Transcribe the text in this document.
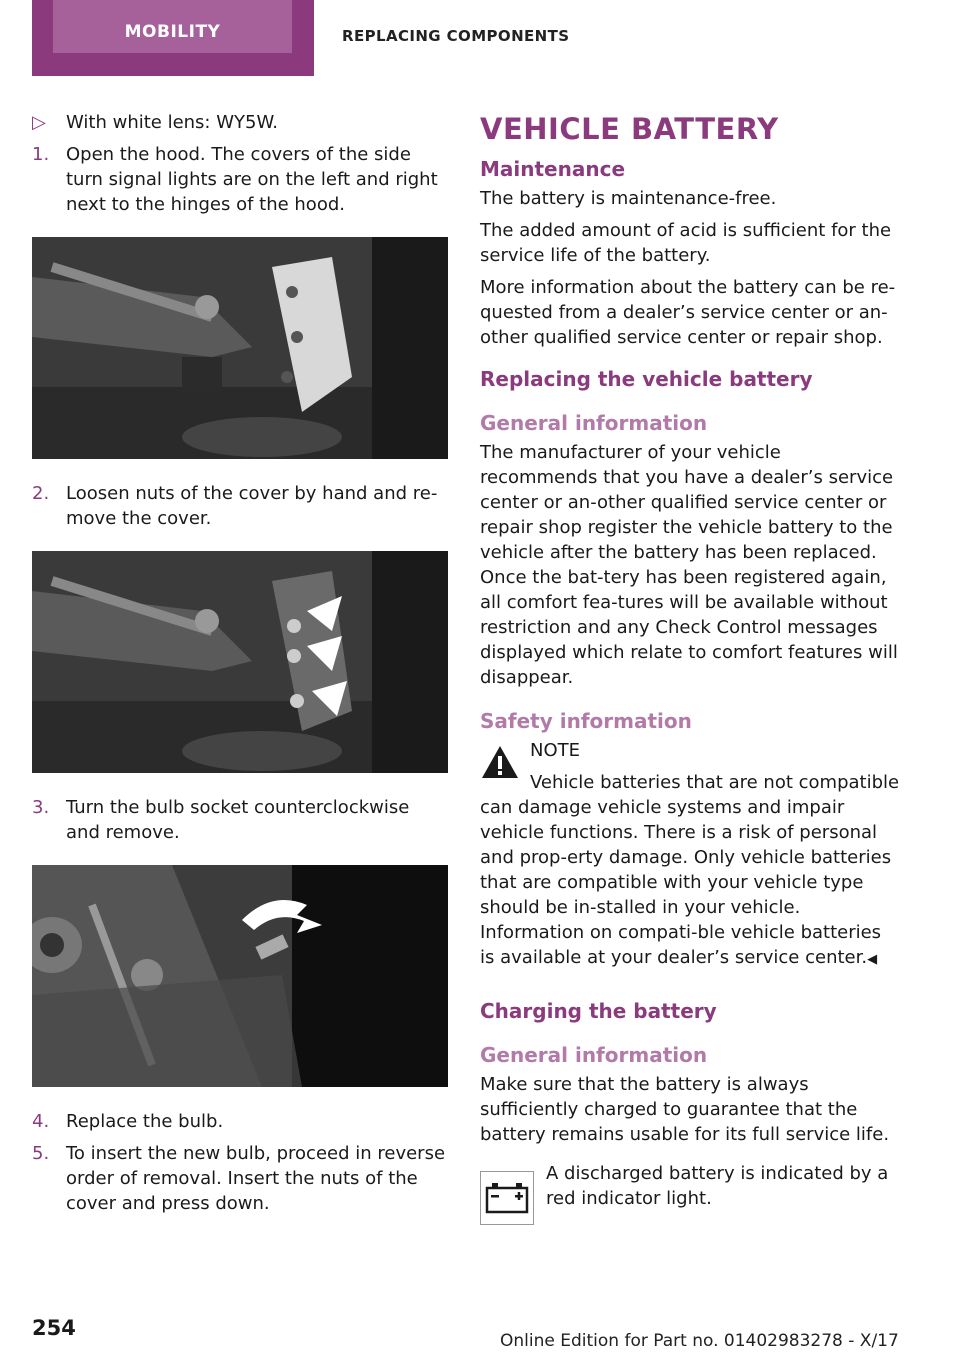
MOBILITY	REPLACING COMPONENTS
▷ With white lens: WY5W.
1. Open the hood. The covers of the side turn signal lights are on the left and right next to the hinges of the hood.
2. Loosen nuts of the cover by hand and re‐move the cover.
3. Turn the bulb socket counterclockwise and remove.
4. Replace the bulb.
5. To insert the new bulb, proceed in reverse order of removal. Insert the nuts of the cover and press down.
VEHICLE BATTERY
Maintenance

The battery is maintenance-free.

The added amount of acid is sufficient for the service life of the battery.

More information about the battery can be re‐quested from a dealer’s service center or an‐other qualified service center or repair shop.

Replacing the vehicle battery
General information

The manufacturer of your vehicle recommends that you have a dealer’s service center or an‐other qualified service center or repair shop register the vehicle battery to the vehicle after the battery has been replaced. Once the bat‐tery has been registered again, all comfort fea‐tures will be available without restriction and any Check Control messages displayed which relate to comfort features will disappear.

Safety information
NOTE
Vehicle batteries that are not compatible
can damage vehicle systems and impair vehicle functions. There is a risk of personal and prop‐erty damage. Only vehicle batteries that are compatible with your vehicle type should be in‐stalled in your vehicle. Information on compati‐ble vehicle batteries is available at your dealer’s service center.◀
Charging the battery
General information

Make sure that the battery is always sufficiently charged to guarantee that the battery remains usable for its full service life.

A discharged battery is indicated by a red indicator light.
254
Online Edition for Part no. 01402983278 - X/17
